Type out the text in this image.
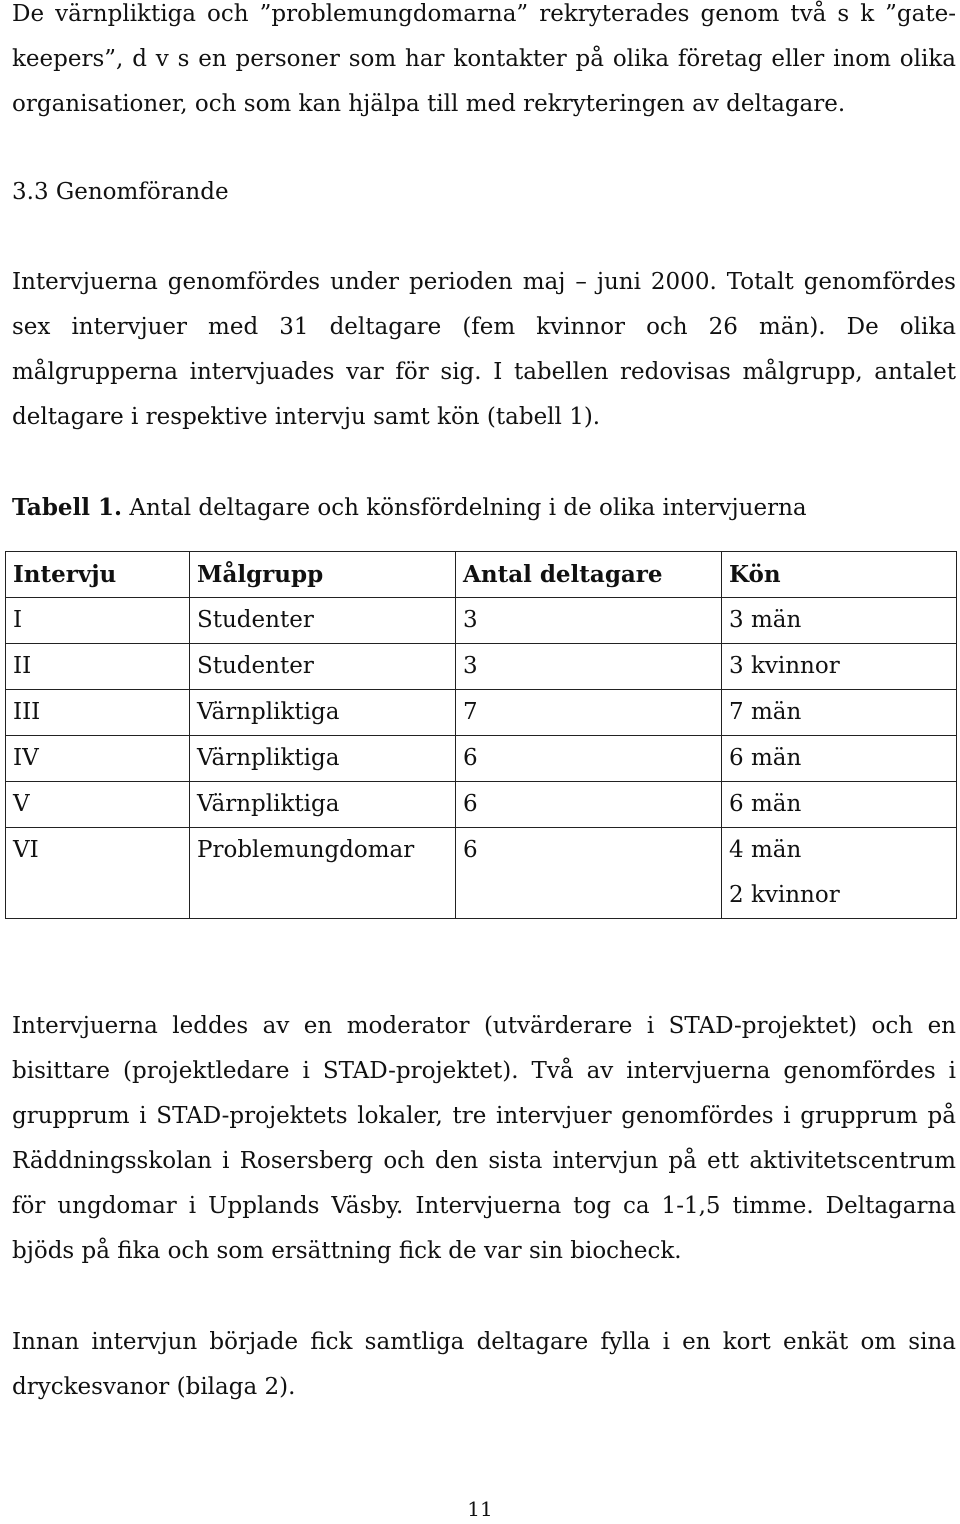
De värnpliktiga och ”problemungdomarna” rekryterades genom två s k ”gate-keepers”, d v s en personer som har kontakter på olika företag eller inom olika organisationer, och som kan hjälpa till med rekryteringen av deltagare.

3.3 Genomförande

Intervjuerna genomfördes under perioden maj – juni 2000. Totalt genomfördes sex intervjuer med 31 deltagare (fem kvinnor och 26 män). De olika målgrupperna intervjuades var för sig. I tabellen redovisas målgrupp, antalet deltagare i respektive intervju samt kön (tabell 1).

Tabell 1. Antal deltagare och könsfördelning i de olika intervjuerna

Intervju	Målgrupp	Antal deltagare	Kön
I	Studenter	3	3 män
II	Studenter	3	3 kvinnor
III	Värnpliktiga	7	7 män
IV	Värnpliktiga	6	6 män
V	Värnpliktiga	6	6 män
VI	Problemungdomar	6	4 män
2 kvinnor

Intervjuerna leddes av en moderator (utvärderare i STAD-projektet) och en bisittare (projektledare i STAD-projektet). Två av intervjuerna genomfördes i grupprum i STAD-projektets lokaler, tre intervjuer genomfördes i grupprum på Räddningsskolan i Rosersberg och den sista intervjun på ett aktivitetscentrum för ungdomar i Upplands Väsby. Intervjuerna tog ca 1-1,5 timme. Deltagarna bjöds på fika och som ersättning fick de var sin biocheck.

Innan intervjun började fick samtliga deltagare fylla i en kort enkät om sina dryckesvanor (bilaga 2).

11
